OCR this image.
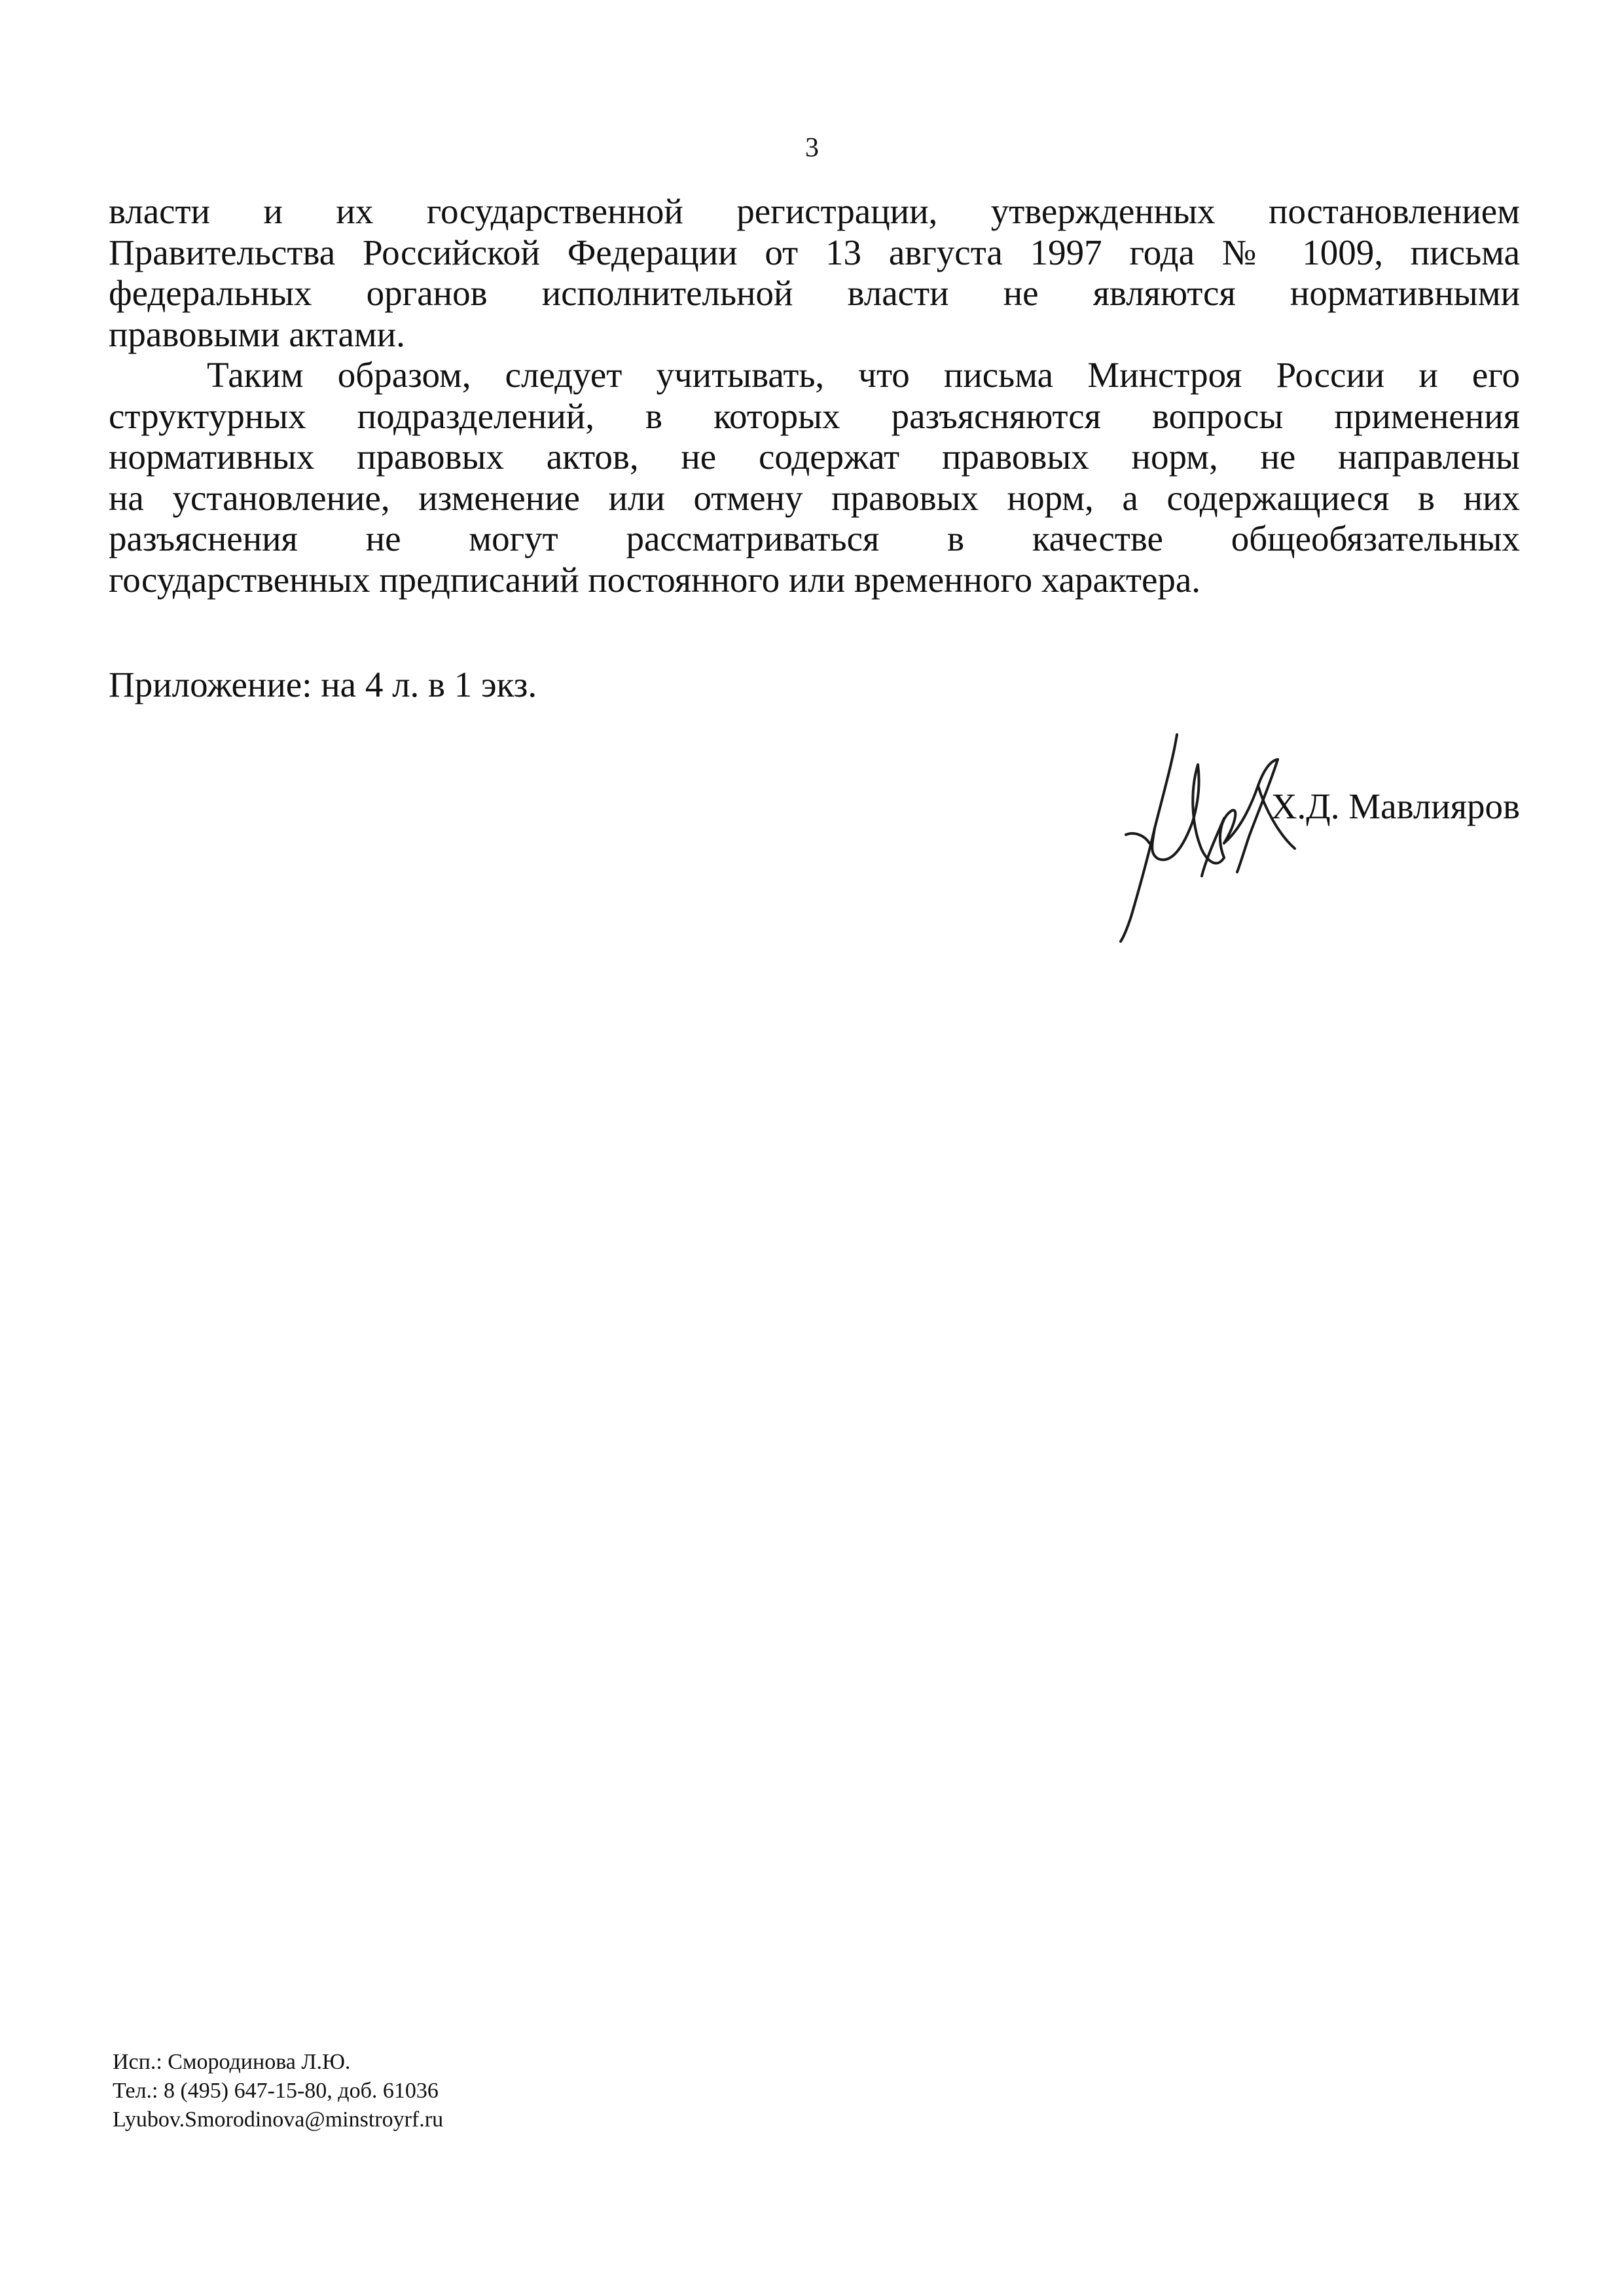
3

власти и их государственной регистрации, утвержденных постановлением
Правительства Российской Федерации от 13 августа 1997 года № 1009, письма
федеральных органов исполнительной власти не являются нормативными
правовыми актами.

Таким образом, следует учитывать, что письма Минстроя России и его
структурных подразделений, в которых разъясняются вопросы применения
нормативных правовых актов, не содержат правовых норм, не направлены
на установление, изменение или отмену правовых норм, а содержащиеся в них
разъяснения не могут рассматриваться в качестве общеобязательных
государственных предписаний постоянного или временного характера.

Приложение: на 4 л. в 1 экз.
Х.Д. Мавлияров
Исп.: Смородинова Л.Ю.
Тел.: 8 (495) 647-15-80, доб. 61036
Lyubov.Smorodinova@minstroyrf.ru
